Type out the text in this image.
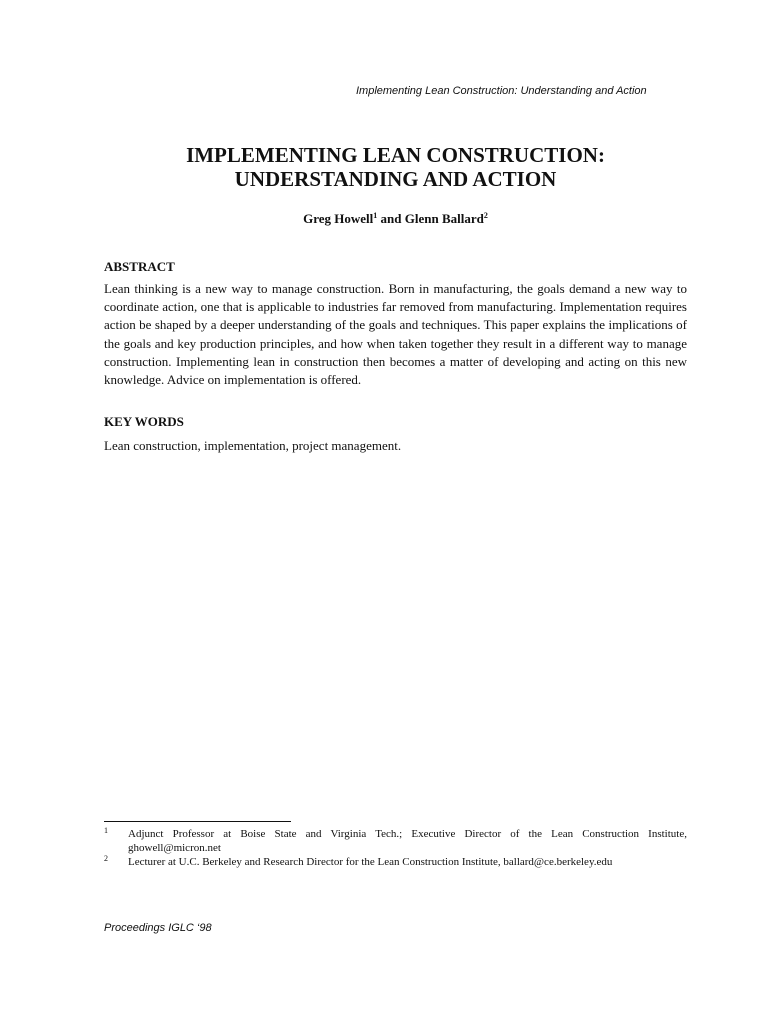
Implementing Lean Construction: Understanding and Action
IMPLEMENTING LEAN CONSTRUCTION:
UNDERSTANDING AND ACTION
Greg Howell$^1$ and Glenn Ballard$^2$
ABSTRACT

Lean thinking is a new way to manage construction. Born in manufacturing, the goals demand a new way to coordinate action, one that is applicable to industries far removed from manufacturing. Implementation requires action be shaped by a deeper understanding of the goals and techniques. This paper explains the implications of the goals and key production principles, and how when taken together they result in a different way to manage construction. Implementing lean in construction then becomes a matter of developing and acting on this new knowledge. Advice on implementation is offered.

KEY WORDS
Lean construction, implementation, project management.
1 Adjunct Professor at Boise State and Virginia Tech.; Executive Director of the Lean Construction Institute, ghowell@micron.net
2 Lecturer at U.C. Berkeley and Research Director for the Lean Construction Institute, ballard@ce.berkeley.edu
Proceedings IGLC ‘98
